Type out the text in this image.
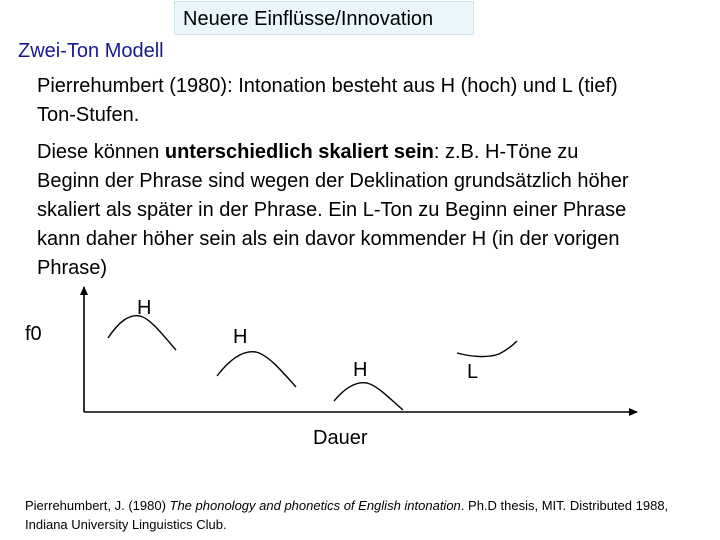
Neuere Einflüsse/Innovation
Zwei-Ton Modell
Pierrehumbert (1980): Intonation besteht aus H (hoch) und L (tief) Ton-Stufen.
Diese können unterschiedlich skaliert sein: z.B. H-Töne zu Beginn der Phrase sind wegen der Deklination grundsätzlich höher skaliert als später in der Phrase. Ein L-Ton zu Beginn einer Phrase kann daher höher sein als ein davor kommender H (in der vorigen Phrase)
f0
Dauer
H
H
H	L
Pierrehumbert, J. (1980) The phonology and phonetics of English intonation. Ph.D thesis, MIT. Distributed 1988, Indiana University Linguistics Club.
